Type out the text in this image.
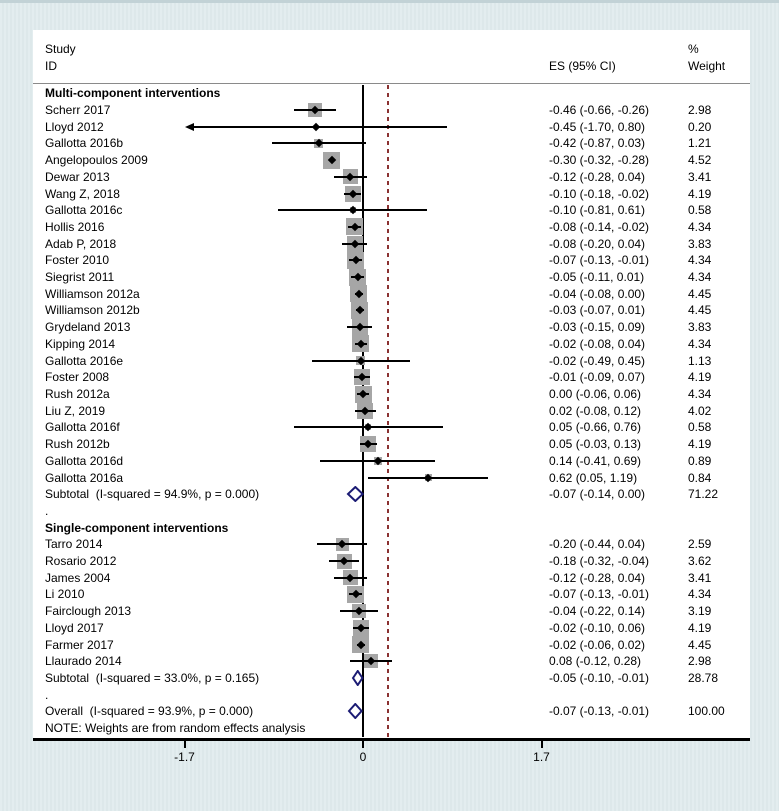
Study
ID	ES (95% CI)
%
Weight
Multi-component interventions
Scherr 2017	-0.46 (-0.66, -0.26)	2.98
Lloyd 2012	-0.45 (-1.70, 0.80)	0.20
Gallotta 2016b	-0.42 (-0.87, 0.03)	1.21
Angelopoulos 2009	-0.30 (-0.32, -0.28)	4.52
Dewar 2013	-0.12 (-0.28, 0.04)	3.41
Wang Z, 2018	-0.10 (-0.18, -0.02)	4.19
Gallotta 2016c	-0.10 (-0.81, 0.61)	0.58
Hollis 2016	-0.08 (-0.14, -0.02)	4.34
Adab P, 2018	-0.08 (-0.20, 0.04)	3.83
Foster 2010	-0.07 (-0.13, -0.01)	4.34
Siegrist 2011	-0.05 (-0.11, 0.01)	4.34
Williamson 2012a	-0.04 (-0.08, 0.00)	4.45
Williamson 2012b	-0.03 (-0.07, 0.01)	4.45
Grydeland 2013	-0.03 (-0.15, 0.09)	3.83
Kipping 2014	-0.02 (-0.08, 0.04)	4.34
Gallotta 2016e	-0.02 (-0.49, 0.45)	1.13
Foster 2008	-0.01 (-0.09, 0.07)	4.19
Rush 2012a	0.00 (-0.06, 0.06)	4.34
Liu Z, 2019	0.02 (-0.08, 0.12)	4.02
Gallotta 2016f	0.05 (-0.66, 0.76)	0.58
Rush 2012b	0.05 (-0.03, 0.13)	4.19
Gallotta 2016d	0.14 (-0.41, 0.69)	0.89
Gallotta 2016a	0.62 (0.05, 1.19)	0.84
Subtotal  (I-squared = 94.9%, p = 0.000)	-0.07 (-0.14, 0.00)	71.22
.
Single-component interventions
Tarro 2014	-0.20 (-0.44, 0.04)	2.59
Rosario 2012	-0.18 (-0.32, -0.04)	3.62
James 2004	-0.12 (-0.28, 0.04)	3.41
Li 2010	-0.07 (-0.13, -0.01)	4.34
Fairclough 2013	-0.04 (-0.22, 0.14)	3.19
Lloyd 2017	-0.02 (-0.10, 0.06)	4.19
Farmer 2017	-0.02 (-0.06, 0.02)	4.45
Llaurado 2014	0.08 (-0.12, 0.28)	2.98
Subtotal  (I-squared = 33.0%, p = 0.165)	-0.05 (-0.10, -0.01)	28.78
.
Overall  (I-squared = 93.9%, p = 0.000)	-0.07 (-0.13, -0.01)	100.00
NOTE: Weights are from random effects analysis
-1.7	0	1.7
